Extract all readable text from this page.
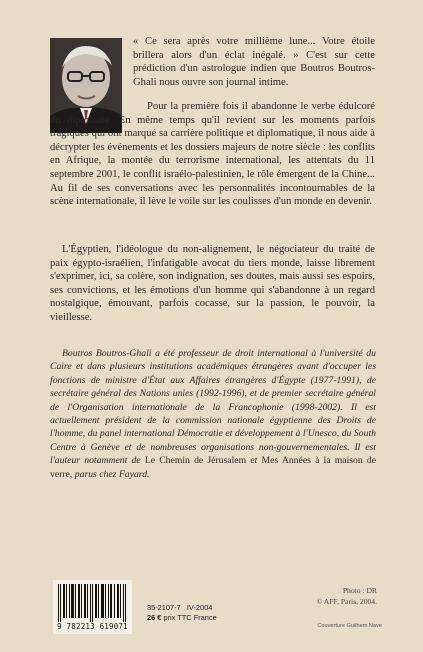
« Ce sera après votre millième lune... Votre étoile brillera alors d'un éclat inégalé. » C'est sur cette prédiction d'un astrologue indien que Boutros Boutros-Ghali nous ouvre son journal intime.

Pour la première fois il abandonne le verbe édulcoré du diplomate. En même temps qu'il revient sur les moments parfois tragiques qui ont marqué sa carrière politique et diplomatique, il nous aide à décrypter les événements et les dossiers majeurs de notre siècle : les conflits en Afrique, la montée du terrorisme international, les attentats du 11 septembre 2001, le conflit israélo-palestinien, le rôle émergent de la Chine... Au fil de ses conversations avec les personnalités incontournables de la scène internationale, il lève le voile sur les coulisses d'un monde en devenir.

L'Égyptien, l'idéologue du non-alignement, le négociateur du traité de paix égypto-israélien, l'infatigable avocat du tiers monde, laisse librement s'exprimer, ici, sa colère, son indignation, ses doutes, mais aussi ses espoirs, ses convictions, et les émotions d'un homme qui s'abandonne à un regard nostalgique, émouvant, parfois cocasse, sur la passion, le pouvoir, la vieillesse.

Boutros Boutros-Ghali a été professeur de droit international à l'université du Caire et dans plusieurs institutions académiques étrangères avant d'occuper les fonctions de ministre d'État aux Affaires étrangères d'Égypte (1977-1991), de secrétaire général des Nations unies (1992-1996), et de premier secrétaire général de l'Organisation internationale de la Francophonie (1998-2002). Il est actuellement président de la commission nationale égyptienne des Droits de l'homme, du panel international Démocratie et développement à l'Unesco, du South Centre à Genève et de nombreuses organisations non-gouvernementales. Il est l'auteur notamment de Le Chemin de Jérusalem et Mes Années à la maison de verre, parus chez Fayard.

9 782213 619071
35-2107-7 IV-2004
26 € prix TTC France
Photo : DR
© AFF, Paris, 2004.
Couverture Guilhem Nave
